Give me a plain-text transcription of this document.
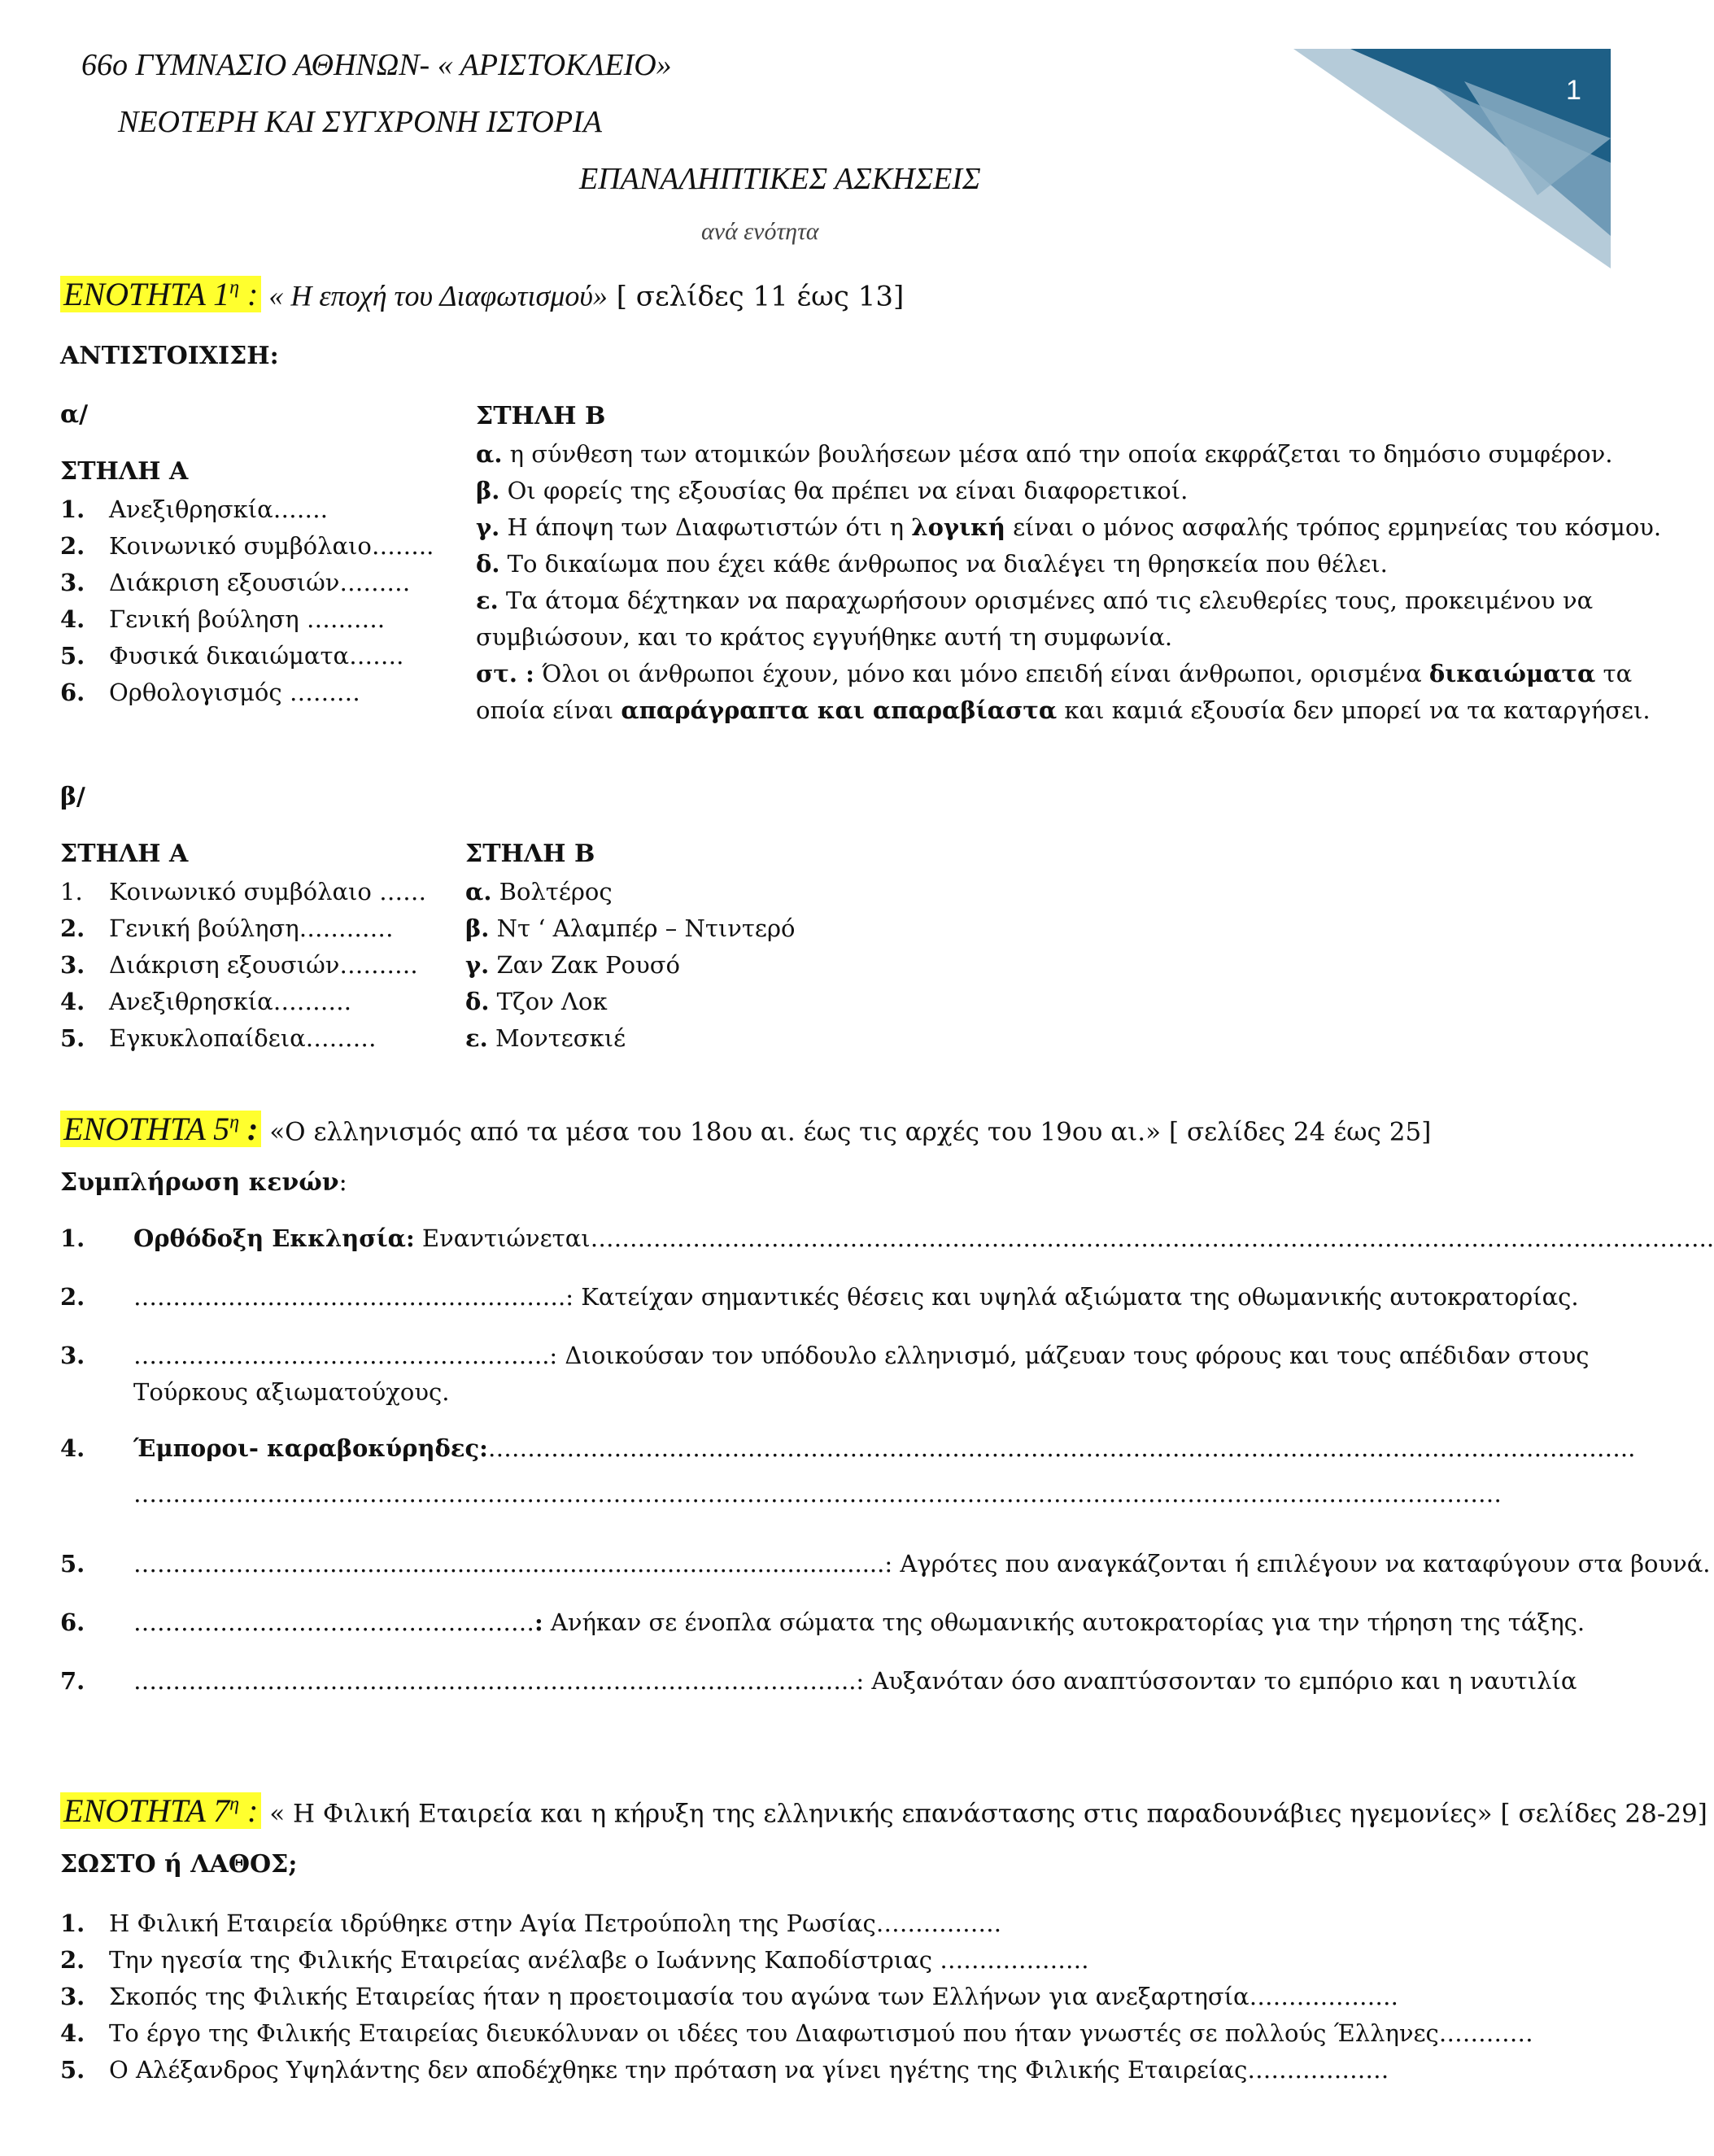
1
66ο ΓΥΜΝΑΣΙΟ ΑΘΗΝΩΝ- « ΑΡΙΣΤΟΚΛΕΙΟ»
ΝΕΟΤΕΡΗ ΚΑΙ ΣΥΓΧΡΟΝΗ ΙΣΤΟΡΙΑ
ΕΠΑΝΑΛΗΠΤΙΚΕΣ ΑΣΚΗΣΕΙΣ
ανά ενότητα
ΕΝΟΤΗΤΑ $1^\eta$ : « Η εποχή του Διαφωτισμού» [ σελίδες 11 έως 13]
ΑΝΤΙΣΤΟΙΧΙΣΗ:
α/
ΣΤΗΛΗ Α
1. Ανεξιθρησκία…….
2. Κοινωνικό συμβόλαιο……..
3. Διάκριση εξουσιών………
4. Γενική βούληση ……….
5. Φυσικά δικαιώματα…….
6. Ορθολογισμός ………
ΣΤΗΛΗ Β
α. η σύνθεση των ατομικών βουλήσεων μέσα από την οποία εκφράζεται το δημόσιο συμφέρον.
β. Οι φορείς της εξουσίας θα πρέπει να είναι διαφορετικοί.
γ. Η άποψη των Διαφωτιστών ότι η λογική είναι ο μόνος ασφαλής τρόπος ερμηνείας του κόσμου.
δ. Το δικαίωμα που έχει κάθε άνθρωπος να διαλέγει τη θρησκεία που θέλει.
ε. Τα άτομα δέχτηκαν να παραχωρήσουν ορισμένες από τις ελευθερίες τους, προκειμένου να
συμβιώσουν, και το κράτος εγγυήθηκε αυτή τη συμφωνία.
στ. : Όλοι οι άνθρωποι έχουν, μόνο και μόνο επειδή είναι άνθρωποι, ορισμένα δικαιώματα τα
οποία είναι απαράγραπτα και απαραβίαστα και καμιά εξουσία δεν μπορεί να τα καταργήσει.
β/
ΣΤΗΛΗ Α
1. Κοινωνικό συμβόλαιο ……
2. Γενική βούληση…………
3. Διάκριση εξουσιών……….
4. Ανεξιθρησκία……….
5. Εγκυκλοπαίδεια………
ΣΤΗΛΗ Β
α. Βολτέρος
β. Ντ ‘ Αλαμπέρ – Ντιντερό
γ. Ζαν Ζακ Ρουσό
δ. Τζον Λοκ
ε. Μοντεσκιέ
ΕΝΟΤΗΤΑ $5^\eta$ : «Ο ελληνισμός από τα μέσα του 18ου αι. έως τις αρχές του 19ου αι.» [ σελίδες 24 έως 25]
Συμπλήρωση κενών:
1. Ορθόδοξη Εκκλησία: Εναντιώνεται……………………………………………………………………………………………………………………………..
2. ……………………………………………….: Κατείχαν σημαντικές θέσεις και υψηλά αξιώματα της οθωμανικής αυτοκρατορίας.
3. ……………………………………………..: Διοικούσαν τον υπόδουλο ελληνισμό, μάζευαν τους φόρους και τους απέδιδαν στους
Τούρκους αξιωματούχους.
4. Έμποροι- καραβοκύρηδες:………………………………………………………………………………………………………………………………..
…………………………………………………………………………………………………………………………………………………………
5. ……………………...........................................................................: Αγρότες που αναγκάζονται ή επιλέγουν να καταφύγουν στα βουνά.
6. ……………………………………………: Ανήκαν σε ένοπλα σώματα της οθωμανικής αυτοκρατορίας για την τήρηση της τάξης.
7. ………………………………………………………………………………..: Αυξανόταν όσο αναπτύσσονταν το εμπόριο και η ναυτιλία
ΕΝΟΤΗΤΑ $7^\eta$ : « Η Φιλική Εταιρεία και η κήρυξη της ελληνικής επανάστασης στις παραδουνάβιες ηγεμονίες» [ σελίδες 28-29]
ΣΩΣΤΟ ή ΛΑΘΟΣ;
1. Η Φιλική Εταιρεία ιδρύθηκε στην Αγία Πετρούπολη της Ρωσίας…………….
2. Την ηγεσία της Φιλικής Εταιρείας ανέλαβε ο Ιωάννης Καποδίστριας ……………….
3. Σκοπός της Φιλικής Εταιρείας ήταν η προετοιμασία του αγώνα των Ελλήνων για ανεξαρτησία……………….
4. Το έργο της Φιλικής Εταιρείας διευκόλυναν οι ιδέες του Διαφωτισμού που ήταν γνωστές σε πολλούς Έλληνες…………
5. Ο Αλέξανδρος Υψηλάντης δεν αποδέχθηκε την πρόταση να γίνει ηγέτης της Φιλικής Εταιρείας………………
